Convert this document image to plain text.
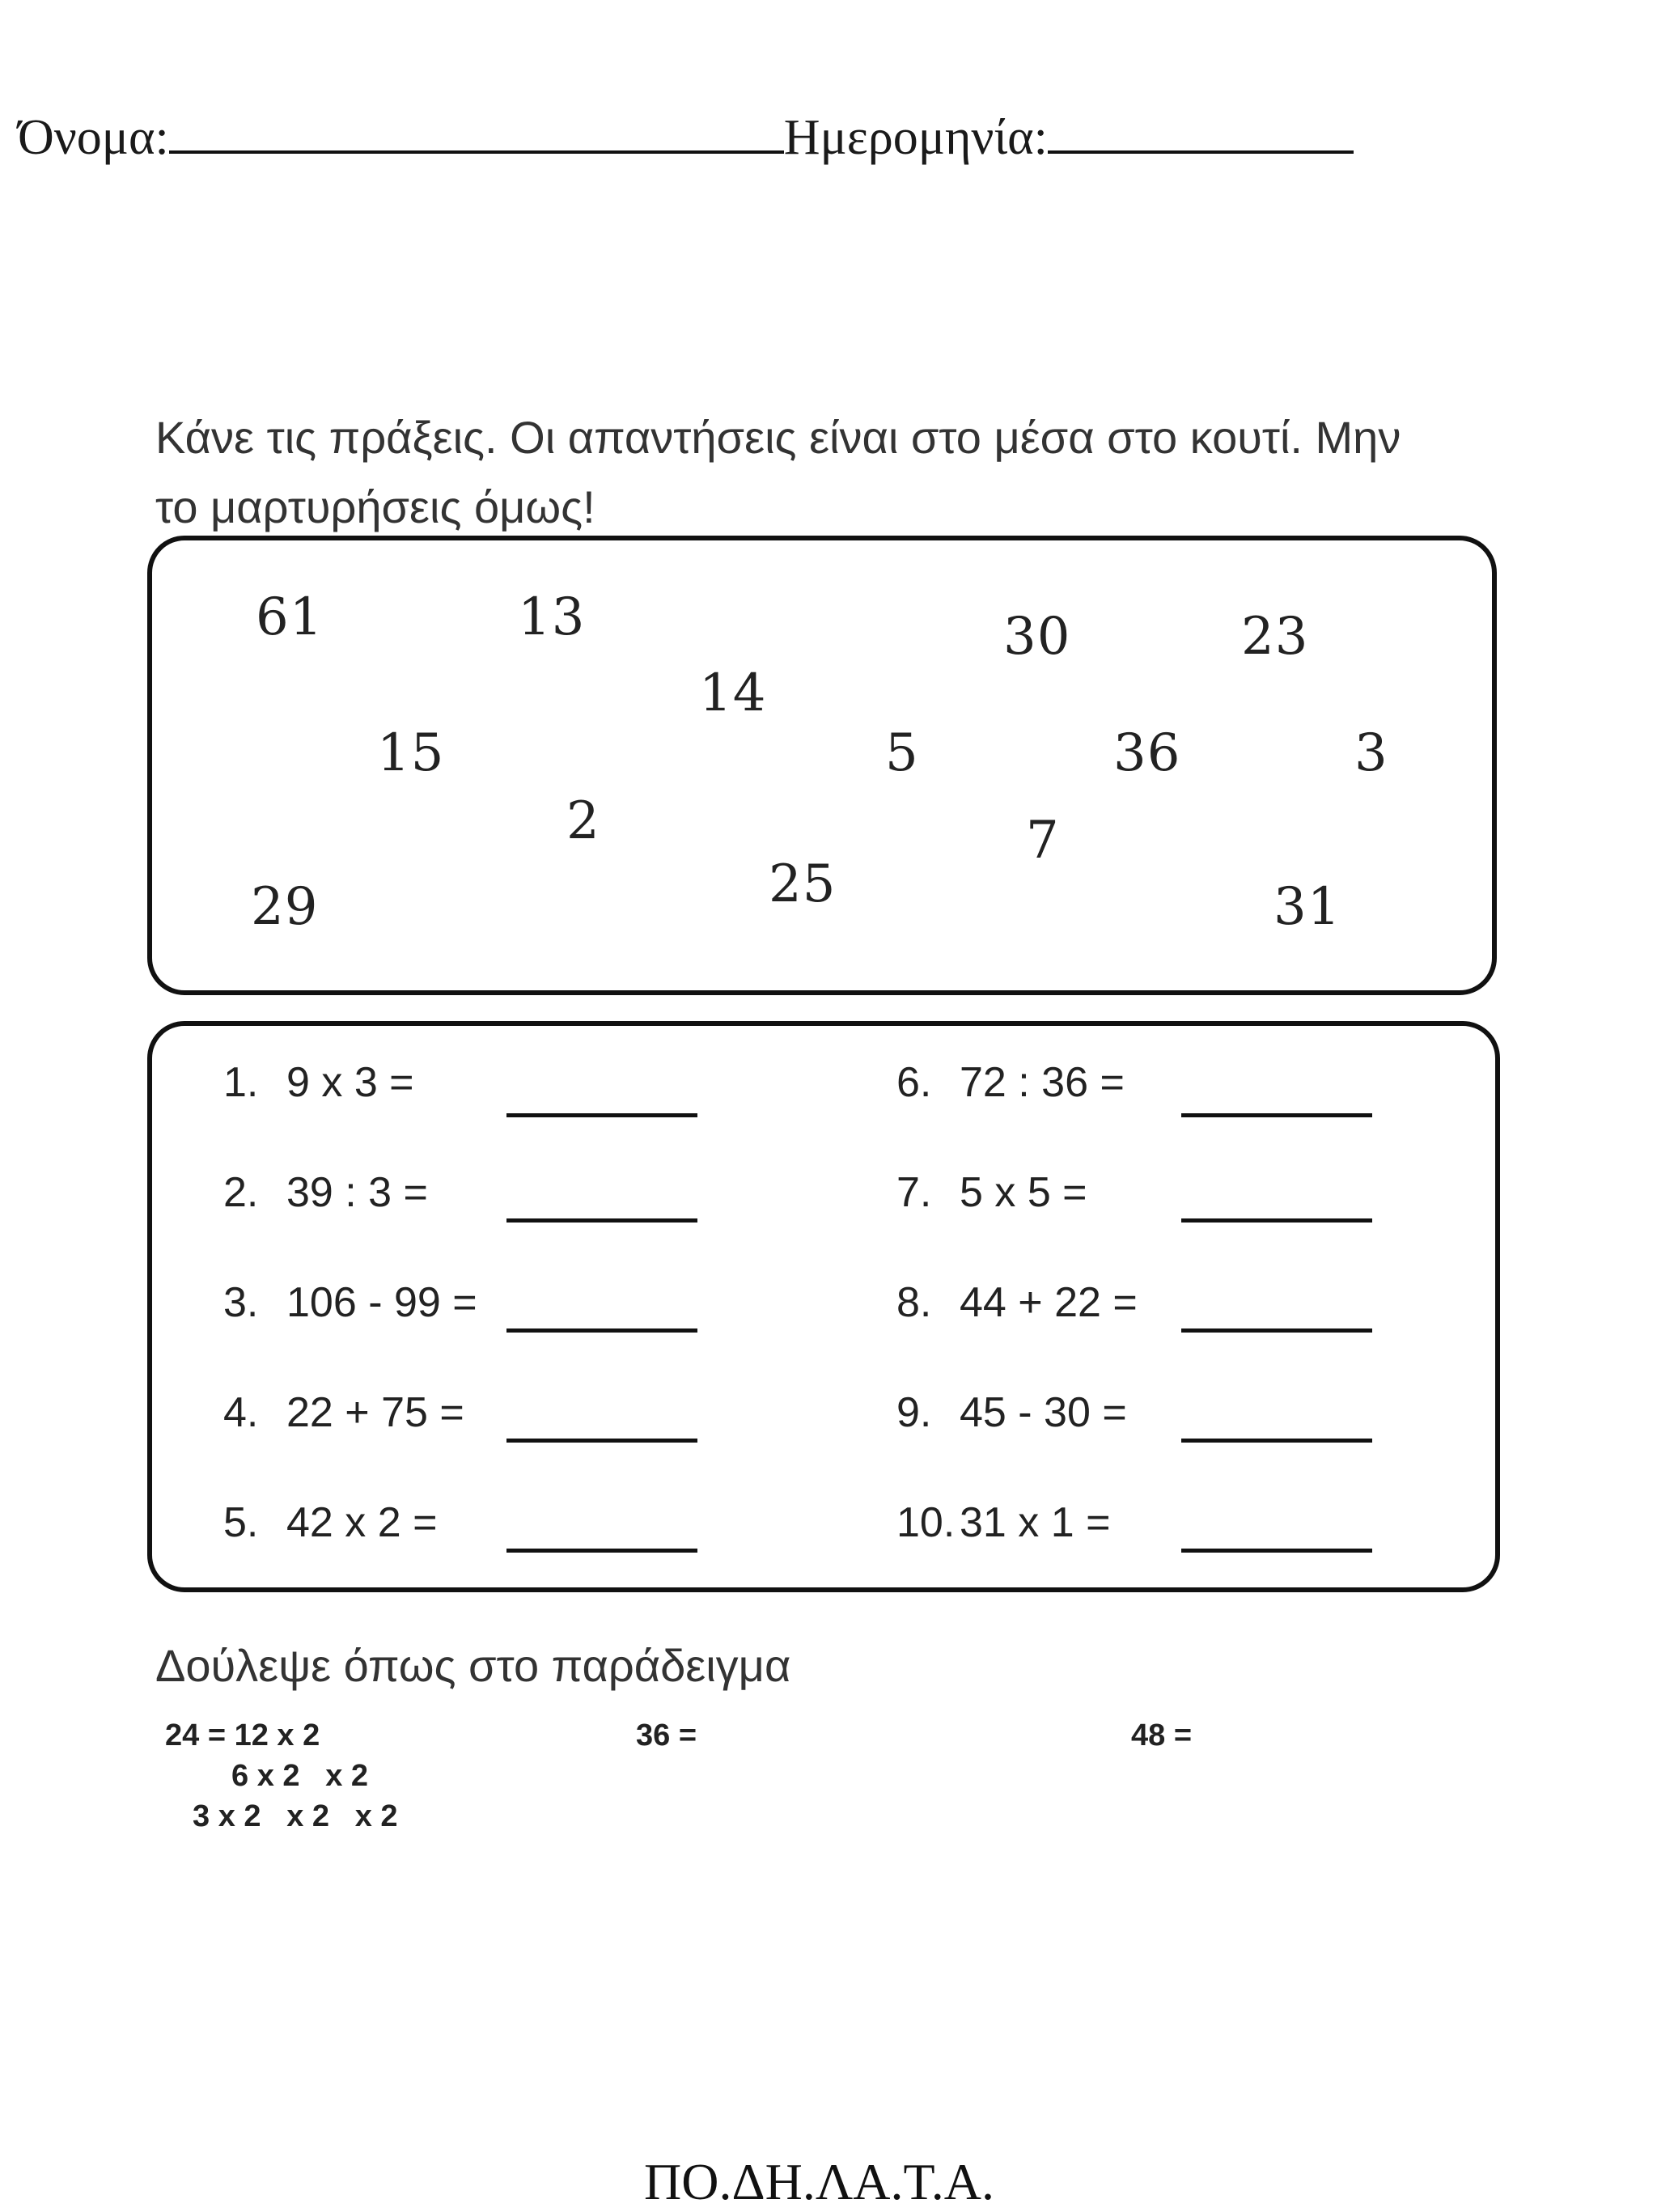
Όνομα:	Ημερομηνία:
Κάνε τις πράξεις. Οι απαντήσεις είναι στο μέσα στο κουτί. Μην το μαρτυρήσεις όμως!
61	13	30	23
14
15	5	36	3
2	7
25
29	31
1. 9 x 3 =
2. 39 : 3 =
3. 106 - 99 =
4. 22 + 75 =
5. 42 x 2 =
6. 72 : 36 =
7. 5 x 5 =
8. 44 + 22 =
9. 45 - 30 =
10. 31 x 1 =
Δούλεψε όπως στο παράδειγμα
24 = 12 x 2
6 x 2   x 2
3 x 2   x 2   x 2
36 =	48 =
ΠΟ.ΔΗ.ΛΑ.Τ.Α.
